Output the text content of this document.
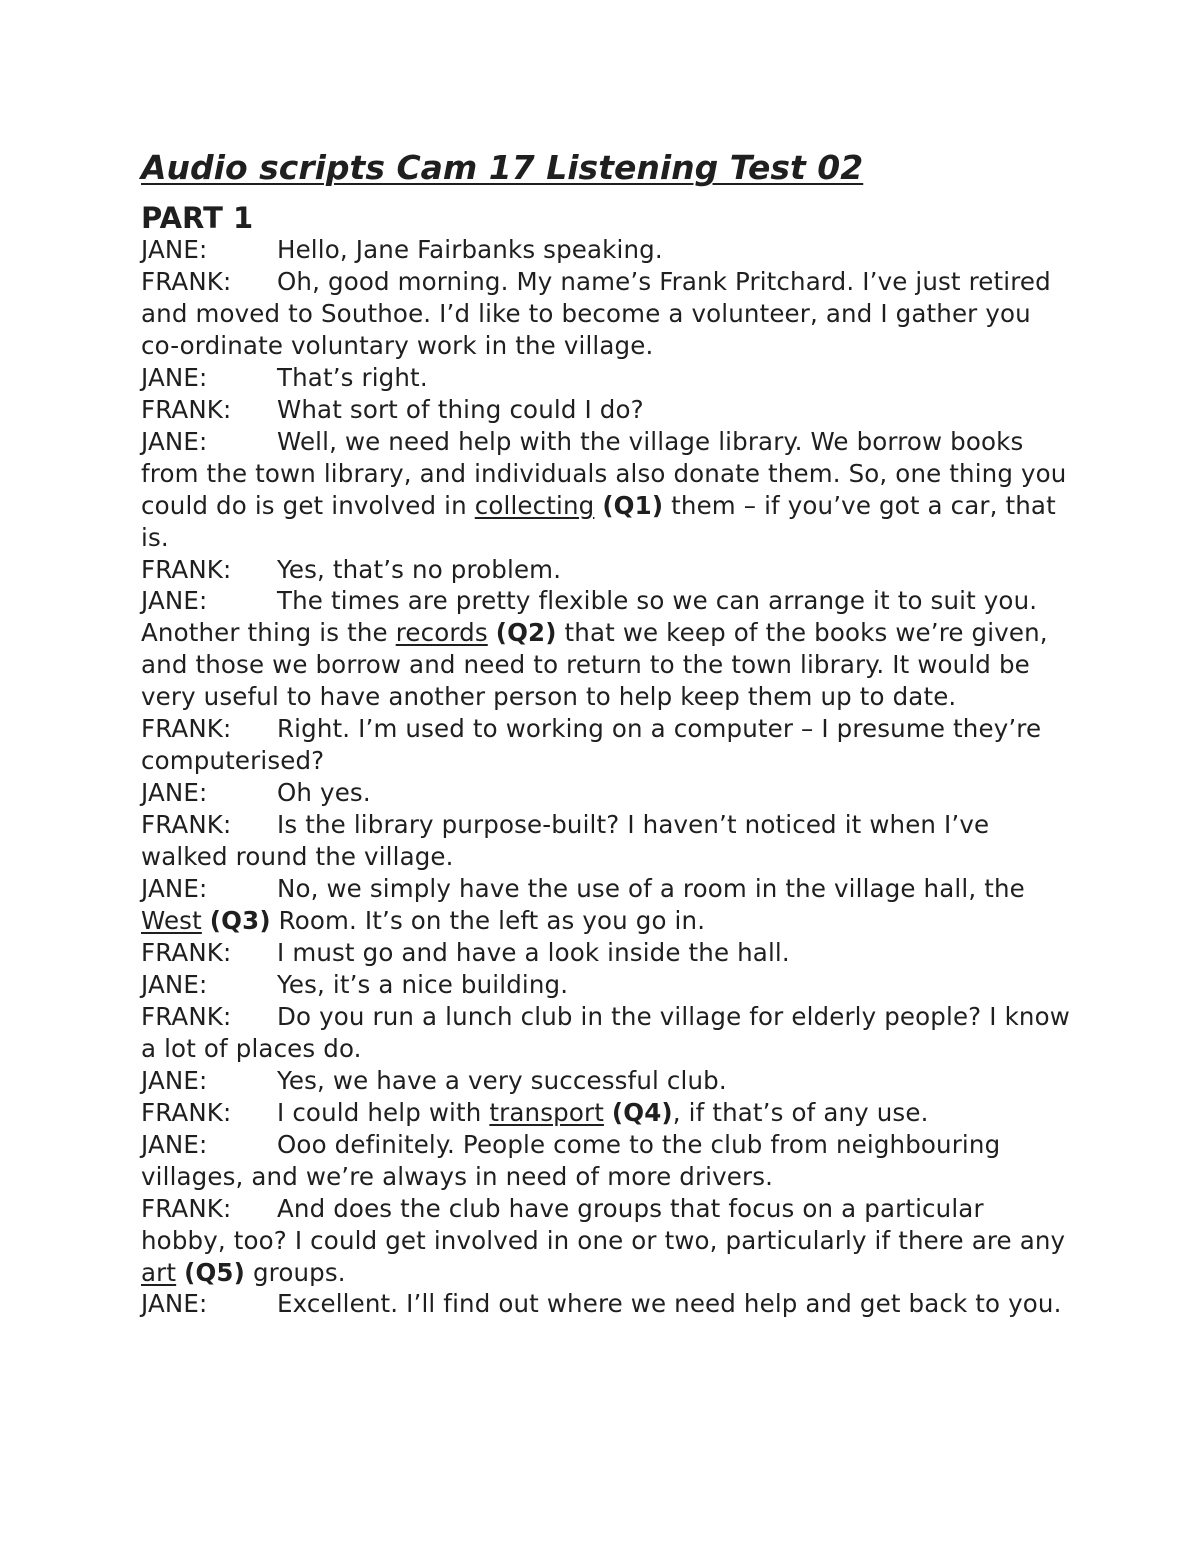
Audio scripts Cam 17 Listening Test 02
PART 1

JANE:	Hello, Jane Fairbanks speaking.

FRANK: Oh, good morning. My name’s Frank Pritchard. I’ve just retired and moved to Southoe. I’d like to become a volunteer, and I gather you co-ordinate voluntary work in the village.

JANE:	That’s right.

FRANK: What sort of thing could I do?

JANE:	Well, we need help with the village library. We borrow books from the town library, and individuals also donate them. So, one thing you could do is get involved in collecting (Q1) them – if you’ve got a car, that is.

FRANK: Yes, that’s no problem.

JANE:	The times are pretty flexible so we can arrange it to suit you. Another thing is the records (Q2) that we keep of the books we’re given, and those we borrow and need to return to the town library. It would be very useful to have another person to help keep them up to date.

FRANK: Right. I’m used to working on a computer – I presume they’re computerised?

JANE:	Oh yes.

FRANK: Is the library purpose-built? I haven’t noticed it when I’ve walked round the village.

JANE:	No, we simply have the use of a room in the village hall, the West (Q3) Room. It’s on the left as you go in.

FRANK: I must go and have a look inside the hall.

JANE:	Yes, it’s a nice building.

FRANK: Do you run a lunch club in the village for elderly people? I know a lot of places do.

JANE:	Yes, we have a very successful club.

FRANK: I could help with transport (Q4), if that’s of any use.

JANE:	Ooo definitely. People come to the club from neighbouring villages, and we’re always in need of more drivers.

FRANK: And does the club have groups that focus on a particular hobby, too? I could get involved in one or two, particularly if there are any art (Q5) groups.

JANE:	Excellent. I’ll find out where we need help and get back to you.
